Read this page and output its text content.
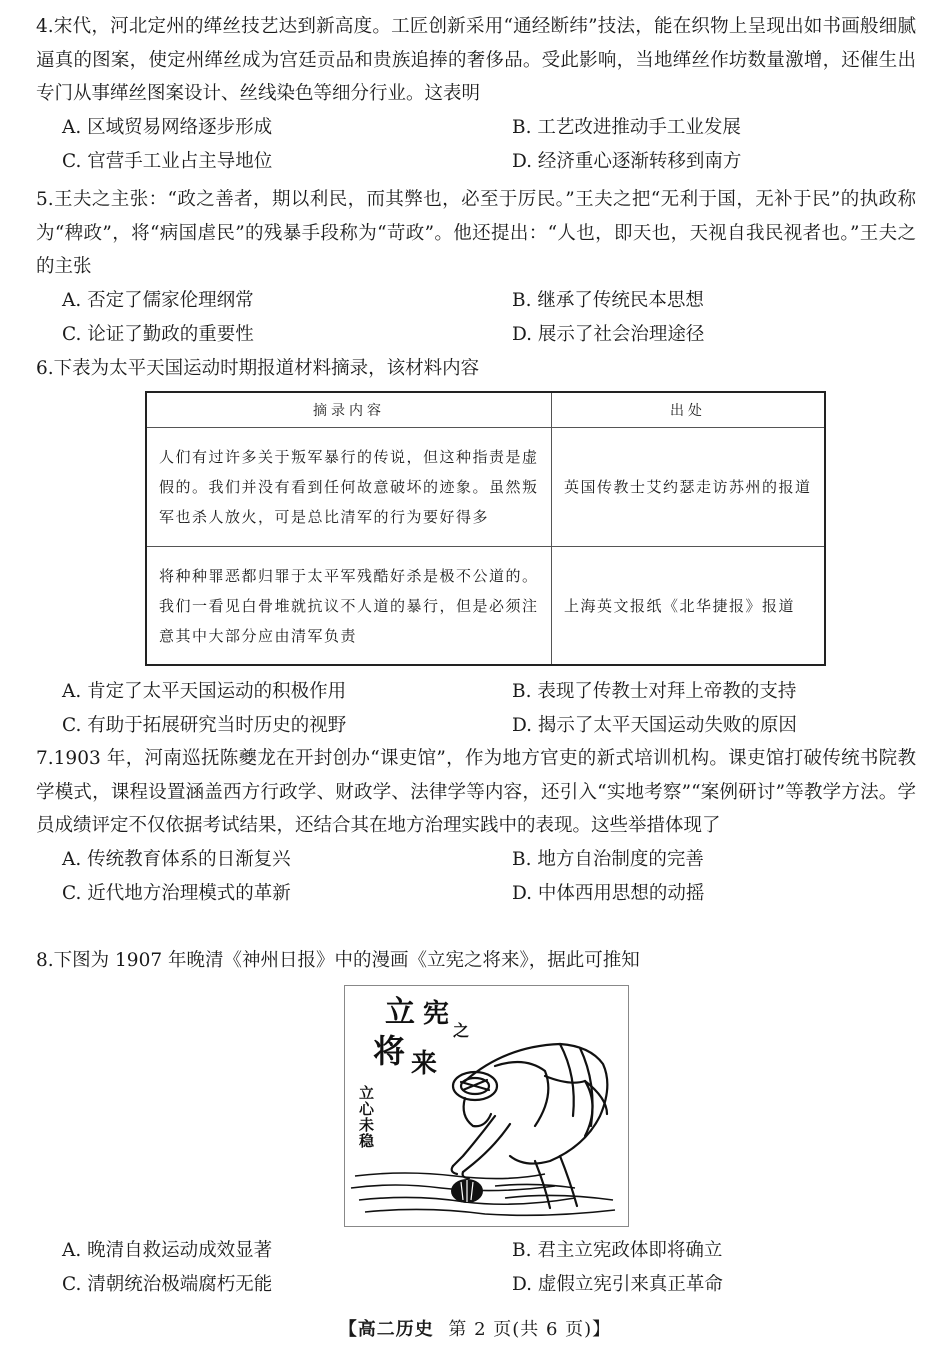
4.宋代，河北定州的缂丝技艺达到新高度。工匠创新采用“通经断纬”技法，能在织物上呈现出如书画般细腻逼真的图案，使定州缂丝成为宫廷贡品和贵族追捧的奢侈品。受此影响，当地缂丝作坊数量激增，还催生出专门从事缂丝图案设计、丝线染色等细分行业。这表明

A. 区域贸易网络逐步形成	B. 工艺改进推动手工业发展
C. 官营手工业占主导地位	D. 经济重心逐渐转移到南方

5.王夫之主张：“政之善者，期以利民，而其弊也，必至于厉民。”王夫之把“无利于国，无补于民”的执政称为“稗政”，将“病国虐民”的残暴手段称为“苛政”。他还提出：“人也，即天也，天视自我民视者也。”王夫之的主张

A. 否定了儒家伦理纲常	B. 继承了传统民本思想
C. 论证了勤政的重要性	D. 展示了社会治理途径

6.下表为太平天国运动时期报道材料摘录，该材料内容

摘录内容	出处
人们有过许多关于叛军暴行的传说，但这种指责是虚假的。我们并没有看到任何故意破坏的迹象。虽然叛军也杀人放火，可是总比清军的行为要好得多	英国传教士艾约瑟走访苏州的报道
将种种罪恶都归罪于太平军残酷好杀是极不公道的。我们一看见白骨堆就抗议不人道的暴行，但是必须注意其中大部分应由清军负责	上海英文报纸《北华捷报》报道
A. 肯定了太平天国运动的积极作用	B. 表现了传教士对拜上帝教的支持
C. 有助于拓展研究当时历史的视野	D. 揭示了太平天国运动失败的原因

7.1903 年，河南巡抚陈夔龙在开封创办“课吏馆”，作为地方官吏的新式培训机构。课吏馆打破传统书院教学模式，课程设置涵盖西方行政学、财政学、法律学等内容，还引入“实地考察”“案例研讨”等教学方法。学员成绩评定不仅依据考试结果，还结合其在地方治理实践中的表现。这些举措体现了

A. 传统教育体系的日渐复兴	B. 地方自治制度的完善
C. 近代地方治理模式的革新	D. 中体西用思想的动摇

8.下图为 1907 年晚清《神州日报》中的漫画《立宪之将来》，据此可推知

立 宪
之
将 来
立
心
未
稳
A. 晚清自救运动成效显著	B. 君主立宪政体即将确立
C. 清朝统治极端腐朽无能	D. 虚假立宪引来真正革命
【高二历史 第 2 页(共 6 页)】
